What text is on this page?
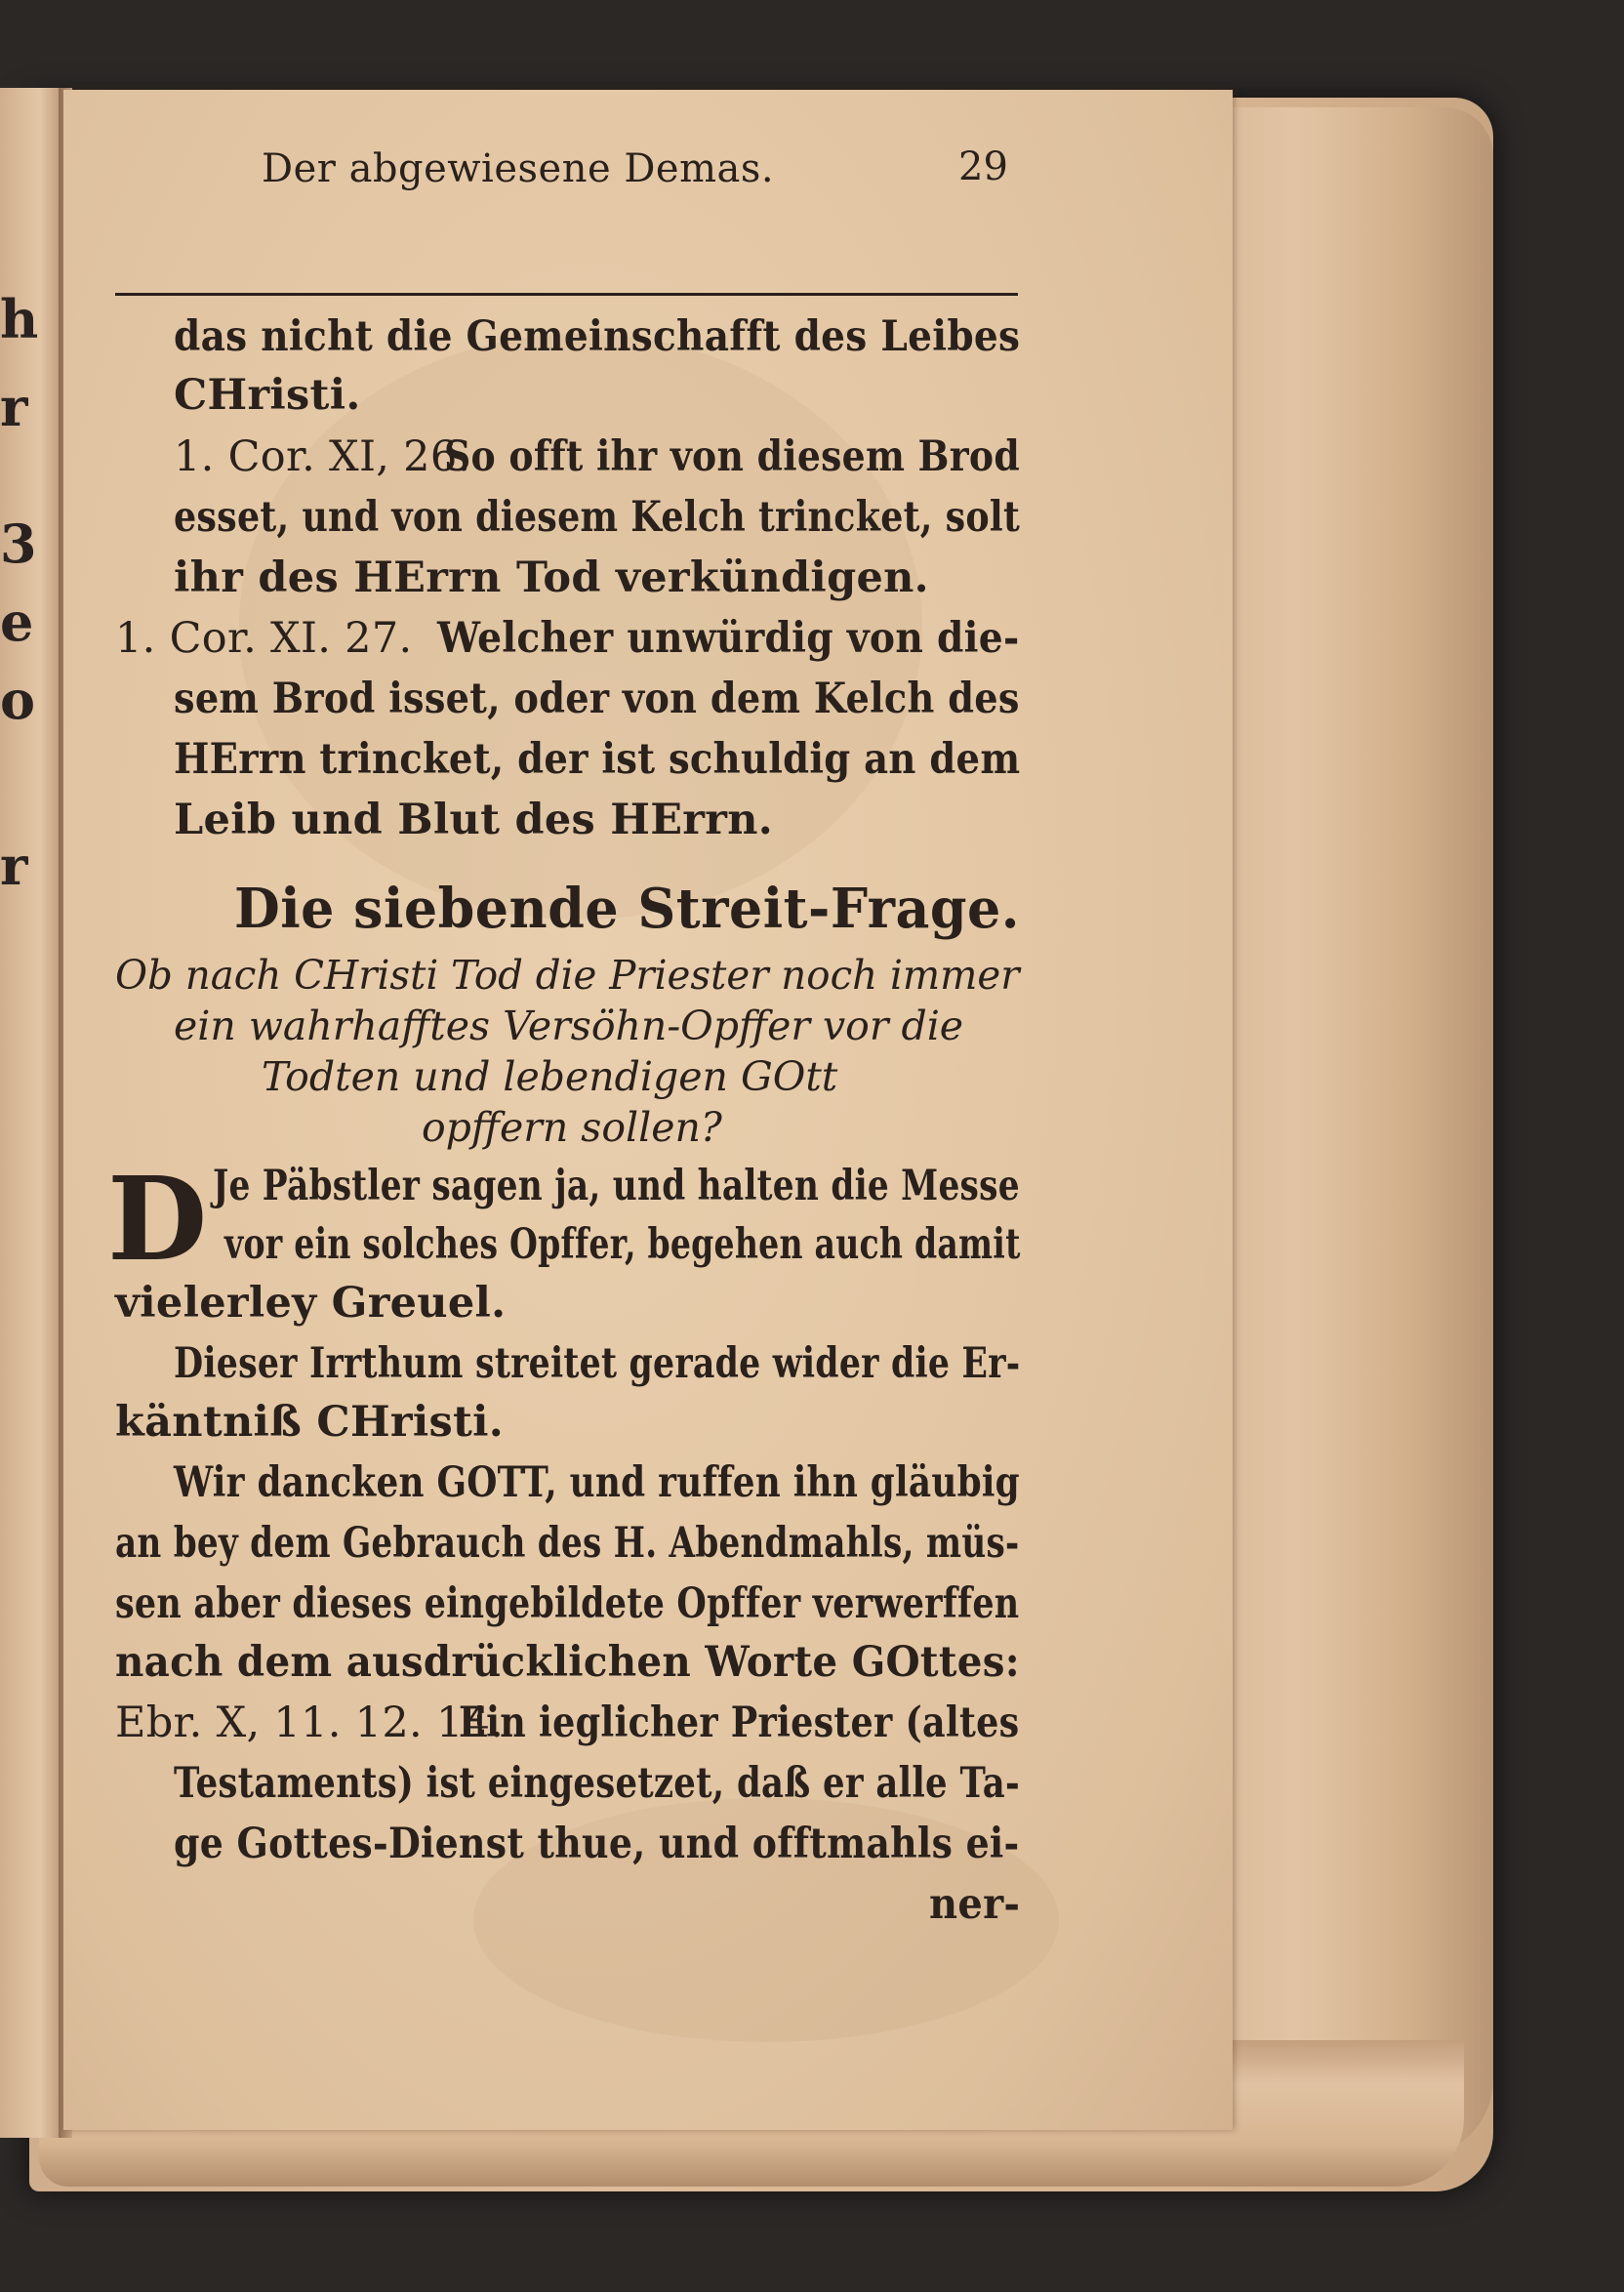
h
r
3
e
o
r
Der abgewiesene Demas.	29
das nicht die Gemeinschafft des Leibes
CHristi.
1. Cor. XI, 26.
So offt ihr von diesem Brod
esset, und von diesem Kelch trincket, solt
ihr des HErrn Tod verkündigen.
1. Cor. XI. 27. Welcher unwürdig von die-
sem Brod isset, oder von dem Kelch des
HErrn trincket, der ist schuldig an dem
Leib und Blut des HErrn.
Die siebende Streit-Frage.
Ob nach CHristi Tod die Priester noch immer
ein wahrhafftes Versöhn-Opffer vor die
Todten und lebendigen GOtt
opffern sollen?
D Je Päbstler sagen ja, und halten die Messe
vor ein solches Opffer, begehen auch damit
vielerley Greuel.
Dieser Irrthum streitet gerade wider die Er-
käntniß CHristi.
Wir dancken GOTT, und ruffen ihn gläubig
an bey dem Gebrauch des H. Abendmahls, müs-
sen aber dieses eingebildete Opffer verwerffen
nach dem ausdrücklichen Worte GOttes:
Ebr. X, 11. 12. 14.
Ein ieglicher Priester (altes
Testaments) ist eingesetzet, daß er alle Ta-
ge Gottes-Dienst thue, und offtmahls ei-
ner-
